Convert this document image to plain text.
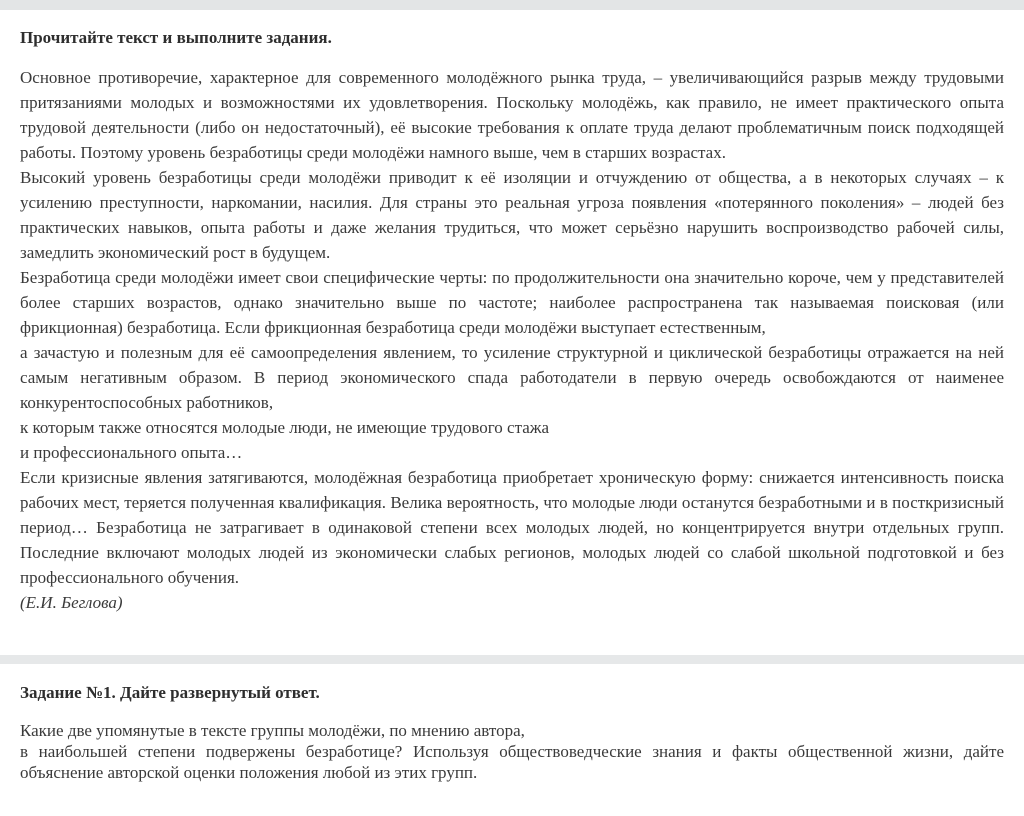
Прочитайте текст и выполните задания.

Основное противоречие, характерное для современного молодёжного рынка труда, – увеличивающийся разрыв между трудовыми притязаниями молодых и возможностями их удовлетворения. Поскольку молодёжь, как правило, не имеет практического опыта трудовой деятельности (либо он недостаточный), её высокие требования к оплате труда делают проблематичным поиск подходящей работы. Поэтому уровень безработицы среди молодёжи намного выше, чем в старших возрастах.

Высокий уровень безработицы среди молодёжи приводит к её изоляции и отчуждению от общества, а в некоторых случаях – к усилению преступности, наркомании, насилия. Для страны это реальная угроза появления «потерянного поколения» – людей без практических навыков, опыта работы и даже желания трудиться, что может серьёзно нарушить воспроизводство рабочей силы, замедлить экономический рост в будущем.

Безработица среди молодёжи имеет свои специфические черты: по продолжительности она значительно короче, чем у представителей более старших возрастов, однако значительно выше по частоте; наиболее распространена так называемая поисковая (или фрикционная) безработица. Если фрикционная безработица среди молодёжи выступает естественным,

а зачастую и полезным для её самоопределения явлением, то усиление структурной и циклической безработицы отражается на ней самым негативным образом. В период экономического спада работодатели в первую очередь освобождаются от наименее конкурентоспособных работников,

к которым также относятся молодые люди, не имеющие трудового стажа

и профессионального опыта…

Если кризисные явления затягиваются, молодёжная безработица приобретает хроническую форму: снижается интенсивность поиска рабочих мест, теряется полученная квалификация. Велика вероятность, что молодые люди останутся безработными и в посткризисный период… Безработица не затрагивает в одинаковой степени всех молодых людей, но концентрируется внутри отдельных групп. Последние включают молодых людей из экономически слабых регионов, молодых людей со слабой школьной подготовкой и без профессионального обучения.

(Е.И. Беглова)

Задание №1. Дайте развернутый ответ.

Какие две упомянутые в тексте группы молодёжи, по мнению автора,

в наибольшей степени подвержены безработице? Используя обществоведческие знания и факты общественной жизни, дайте объяснение авторской оценки положения любой из этих групп.
